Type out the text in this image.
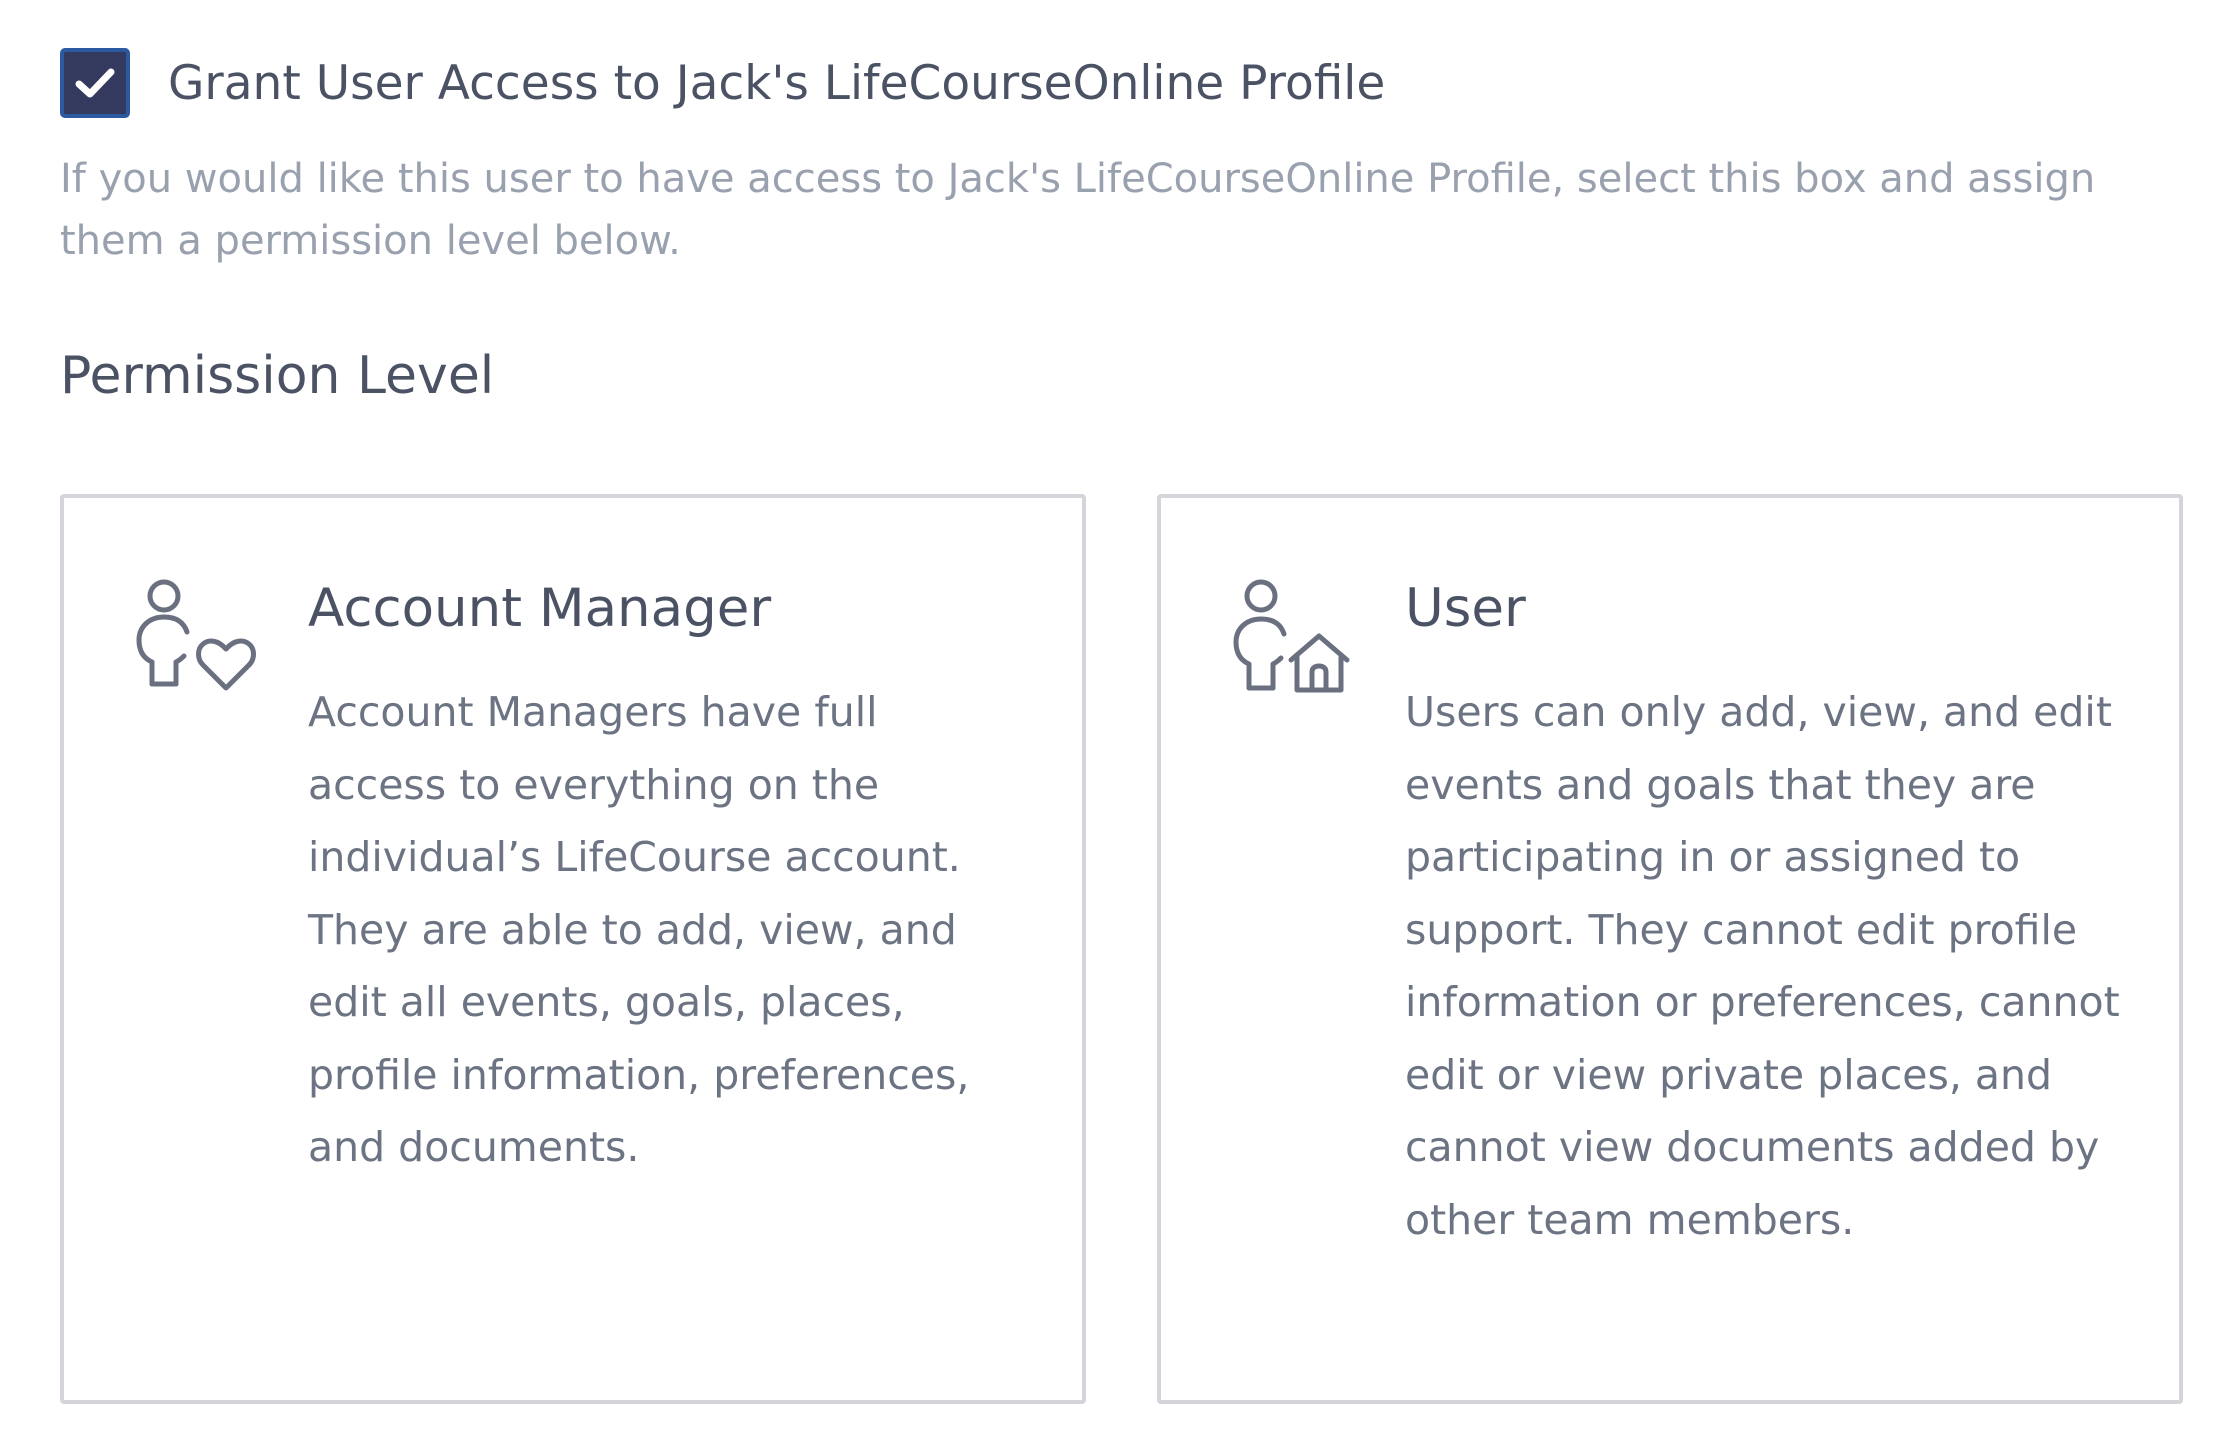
Grant User Access to Jack's LifeCourseOnline Profile
If you would like this user to have access to Jack's LifeCourseOnline Profile, select this box and assign them a permission level below.
Permission Level
Account Manager
Account Managers have full access to everything on the individual’s LifeCourse account. They are able to add, view, and edit all events, goals, places, profile information, preferences, and documents.
User
Users can only add, view, and edit events and goals that they are participating in or assigned to support. They cannot edit profile information or preferences, cannot edit or view private places, and cannot view documents added by other team members.
